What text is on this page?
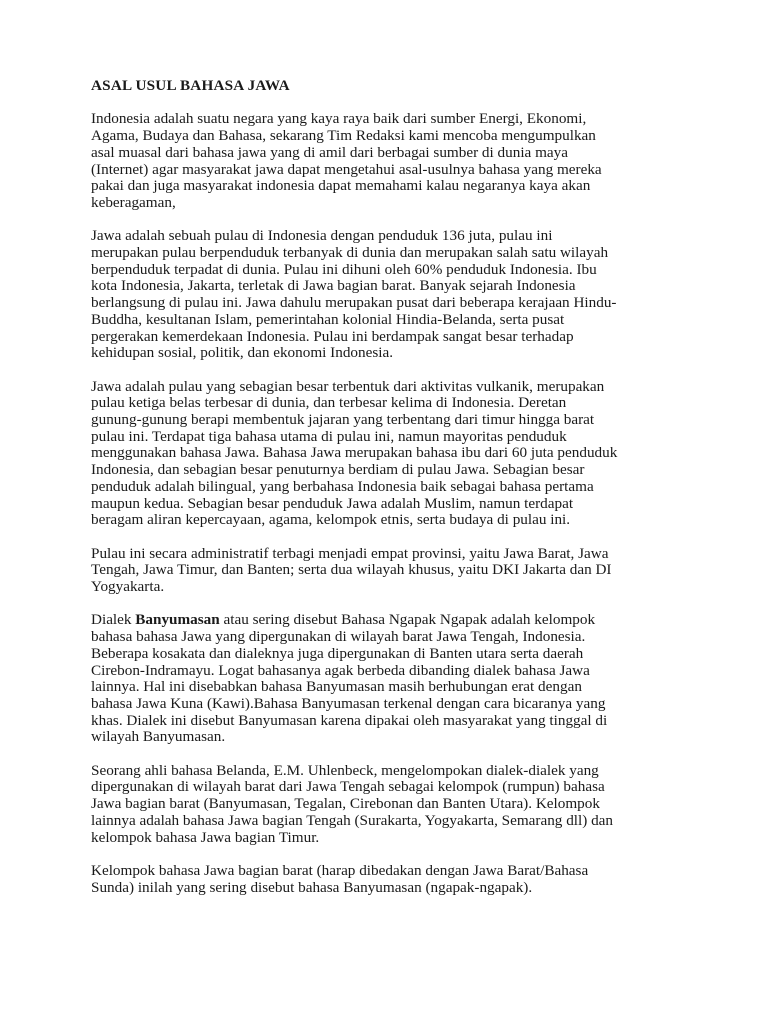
ASAL USUL BAHASA JAWA

Indonesia adalah suatu negara yang kaya raya baik dari sumber Energi, Ekonomi,
Agama, Budaya dan Bahasa, sekarang Tim Redaksi kami mencoba mengumpulkan
asal muasal dari bahasa jawa yang di amil dari berbagai sumber di dunia maya
(Internet) agar masyarakat jawa dapat mengetahui asal-usulnya bahasa yang mereka
pakai dan juga masyarakat indonesia dapat memahami kalau negaranya kaya akan
keberagaman,

Jawa adalah sebuah pulau di Indonesia dengan penduduk 136 juta, pulau ini
merupakan pulau berpenduduk terbanyak di dunia dan merupakan salah satu wilayah
berpenduduk terpadat di dunia. Pulau ini dihuni oleh 60% penduduk Indonesia. Ibu
kota Indonesia, Jakarta, terletak di Jawa bagian barat. Banyak sejarah Indonesia
berlangsung di pulau ini. Jawa dahulu merupakan pusat dari beberapa kerajaan Hindu-
Buddha, kesultanan Islam, pemerintahan kolonial Hindia-Belanda, serta pusat
pergerakan kemerdekaan Indonesia. Pulau ini berdampak sangat besar terhadap
kehidupan sosial, politik, dan ekonomi Indonesia.

Jawa adalah pulau yang sebagian besar terbentuk dari aktivitas vulkanik, merupakan
pulau ketiga belas terbesar di dunia, dan terbesar kelima di Indonesia. Deretan
gunung-gunung berapi membentuk jajaran yang terbentang dari timur hingga barat
pulau ini. Terdapat tiga bahasa utama di pulau ini, namun mayoritas penduduk
menggunakan bahasa Jawa. Bahasa Jawa merupakan bahasa ibu dari 60 juta penduduk
Indonesia, dan sebagian besar penuturnya berdiam di pulau Jawa. Sebagian besar
penduduk adalah bilingual, yang berbahasa Indonesia baik sebagai bahasa pertama
maupun kedua. Sebagian besar penduduk Jawa adalah Muslim, namun terdapat
beragam aliran kepercayaan, agama, kelompok etnis, serta budaya di pulau ini.

Pulau ini secara administratif terbagi menjadi empat provinsi, yaitu Jawa Barat, Jawa
Tengah, Jawa Timur, dan Banten; serta dua wilayah khusus, yaitu DKI Jakarta dan DI
Yogyakarta.

Dialek Banyumasan atau sering disebut Bahasa Ngapak Ngapak adalah kelompok
bahasa bahasa Jawa yang dipergunakan di wilayah barat Jawa Tengah, Indonesia.
Beberapa kosakata dan dialeknya juga dipergunakan di Banten utara serta daerah
Cirebon-Indramayu. Logat bahasanya agak berbeda dibanding dialek bahasa Jawa
lainnya. Hal ini disebabkan bahasa Banyumasan masih berhubungan erat dengan
bahasa Jawa Kuna (Kawi).Bahasa Banyumasan terkenal dengan cara bicaranya yang
khas. Dialek ini disebut Banyumasan karena dipakai oleh masyarakat yang tinggal di
wilayah Banyumasan.

Seorang ahli bahasa Belanda, E.M. Uhlenbeck, mengelompokan dialek-dialek yang
dipergunakan di wilayah barat dari Jawa Tengah sebagai kelompok (rumpun) bahasa
Jawa bagian barat (Banyumasan, Tegalan, Cirebonan dan Banten Utara). Kelompok
lainnya adalah bahasa Jawa bagian Tengah (Surakarta, Yogyakarta, Semarang dll) dan
kelompok bahasa Jawa bagian Timur.

Kelompok bahasa Jawa bagian barat (harap dibedakan dengan Jawa Barat/Bahasa
Sunda) inilah yang sering disebut bahasa Banyumasan (ngapak-ngapak).
